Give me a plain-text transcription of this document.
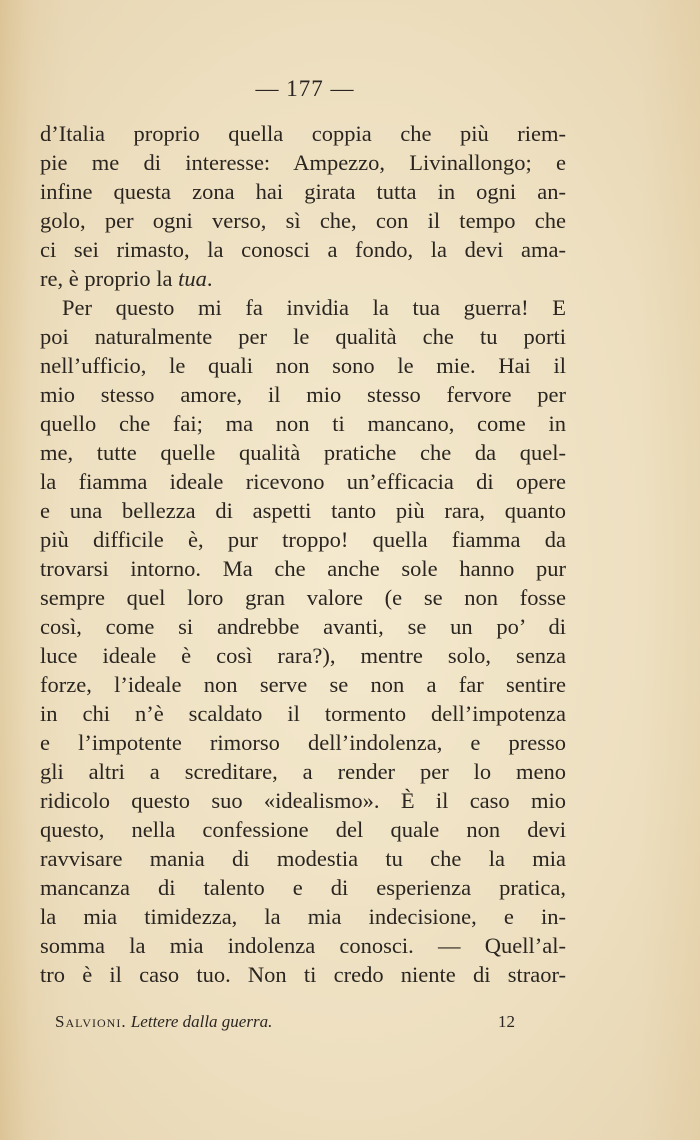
— 177 —
d’Italia proprio quella coppia che più riem-
pie me di interesse: Ampezzo, Livinallongo; e
infine questa zona hai girata tutta in ogni an-
golo, per ogni verso, sì che, con il tempo che
ci sei rimasto, la conosci a fondo, la devi ama-
re, è proprio la tua.
Per questo mi fa invidia la tua guerra! E
poi naturalmente per le qualità che tu porti
nell’ufficio, le quali non sono le mie. Hai il
mio stesso amore, il mio stesso fervore per
quello che fai; ma non ti mancano, come in
me, tutte quelle qualità pratiche che da quel-
la fiamma ideale ricevono un’efficacia di opere
e una bellezza di aspetti tanto più rara, quanto
più difficile è, pur troppo! quella fiamma da
trovarsi intorno. Ma che anche sole hanno pur
sempre quel loro gran valore (e se non fosse
così, come si andrebbe avanti, se un po’ di
luce ideale è così rara?), mentre solo, senza
forze, l’ideale non serve se non a far sentire
in chi n’è scaldato il tormento dell’impotenza
e l’impotente rimorso dell’indolenza, e presso
gli altri a screditare, a render per lo meno
ridicolo questo suo «idealismo». È il caso mio
questo, nella confessione del quale non devi
ravvisare mania di modestia tu che la mia
mancanza di talento e di esperienza pratica,
la mia timidezza, la mia indecisione, e in-
somma la mia indolenza conosci. — Quell’al-
tro è il caso tuo. Non ti credo niente di straor-
Salvioni. Lettere dalla guerra.	12
